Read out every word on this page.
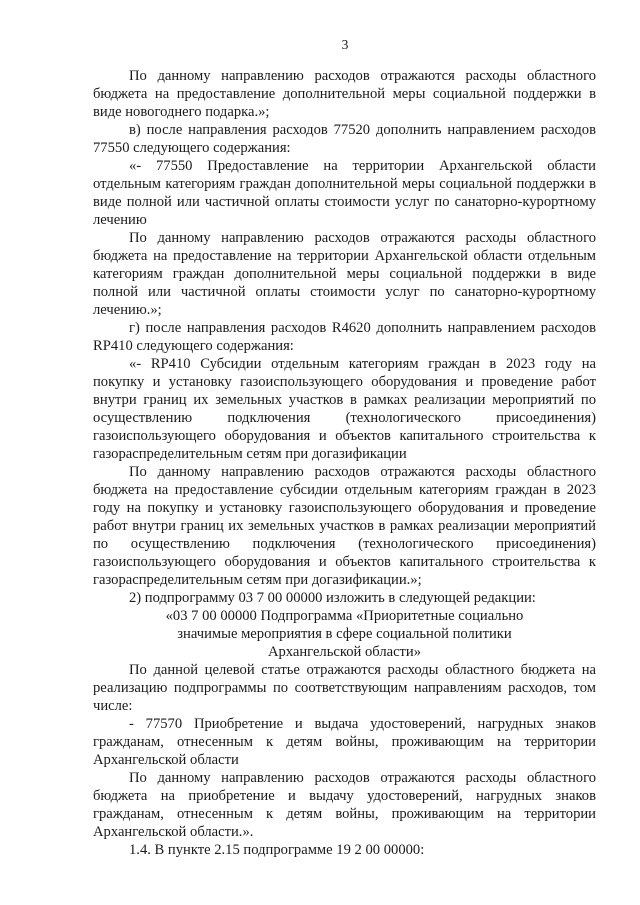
3

По данному направлению расходов отражаются расходы областного бюджета на предоставление дополнительной меры социальной поддержки в виде новогоднего подарка.»;

в) после направления расходов 77520 дополнить направлением расходов 77550 следующего содержания:

«- 77550 Предоставление на территории Архангельской области отдельным категориям граждан дополнительной меры социальной поддержки в виде полной или частичной оплаты стоимости услуг по санаторно-курортному лечению

По данному направлению расходов отражаются расходы областного бюджета на предоставление на территории Архангельской области отдельным категориям граждан дополнительной меры социальной поддержки в виде полной или частичной оплаты стоимости услуг по санаторно-курортному лечению.»;

г) после направления расходов R4620 дополнить направлением расходов RP410 следующего содержания:

«- RP410 Субсидии отдельным категориям граждан в 2023 году на покупку и установку газоиспользующего оборудования и проведение работ внутри границ их земельных участков в рамках реализации мероприятий по осуществлению подключения (технологического присоединения) газоиспользующего оборудования и объектов капитального строительства к газораспределительным сетям при догазификации

По данному направлению расходов отражаются расходы областного бюджета на предоставление субсидии отдельным категориям граждан в 2023 году на покупку и установку газоиспользующего оборудования и проведение работ внутри границ их земельных участков в рамках реализации мероприятий по осуществлению подключения (технологического присоединения) газоиспользующего оборудования и объектов капитального строительства к газораспределительным сетям при догазификации.»;

2) подпрограмму 03 7 00 00000 изложить в следующей редакции:

«03 7 00 00000 Подпрограмма «Приоритетные социально
значимые мероприятия в сфере социальной политики
Архангельской области»

По данной целевой статье отражаются расходы областного бюджета на реализацию подпрограммы по соответствующим направлениям расходов, том числе:

- 77570 Приобретение и выдача удостоверений, нагрудных знаков гражданам, отнесенным к детям войны, проживающим на территории Архангельской области

По данному направлению расходов отражаются расходы областного бюджета на приобретение и выдачу удостоверений, нагрудных знаков гражданам, отнесенным к детям войны, проживающим на территории Архангельской области.».

1.4. В пункте 2.15 подпрограмме 19 2 00 00000:
